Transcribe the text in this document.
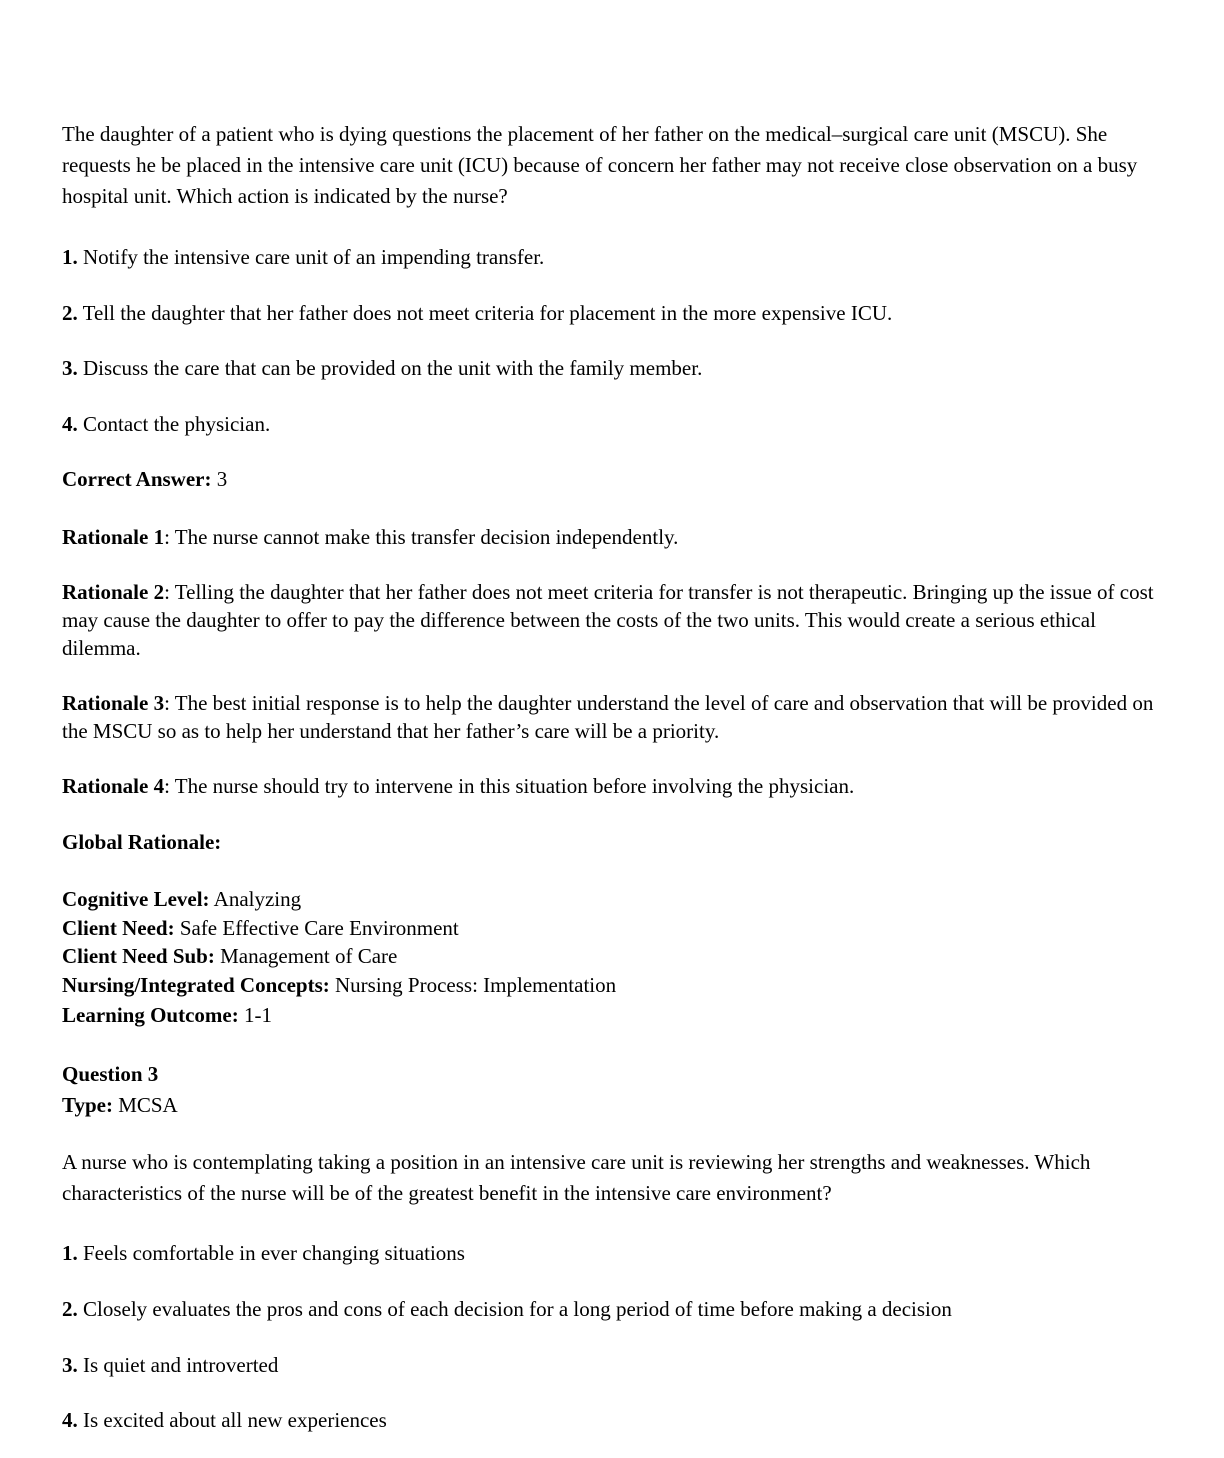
The daughter of a patient who is dying questions the placement of her father on the medical–surgical care unit (MSCU). She requests he be placed in the intensive care unit (ICU) because of concern her father may not receive close observation on a busy hospital unit. Which action is indicated by the nurse?
1. Notify the intensive care unit of an impending transfer.
2. Tell the daughter that her father does not meet criteria for placement in the more expensive ICU.
3. Discuss the care that can be provided on the unit with the family member.
4. Contact the physician.
Correct Answer: 3
Rationale 1: The nurse cannot make this transfer decision independently.
Rationale 2: Telling the daughter that her father does not meet criteria for transfer is not therapeutic. Bringing up the issue of cost may cause the daughter to offer to pay the difference between the costs of the two units. This would create a serious ethical dilemma.
Rationale 3: The best initial response is to help the daughter understand the level of care and observation that will be provided on the MSCU so as to help her understand that her father’s care will be a priority.
Rationale 4: The nurse should try to intervene in this situation before involving the physician.
Global Rationale:
Cognitive Level: Analyzing
Client Need: Safe Effective Care Environment
Client Need Sub: Management of Care
Nursing/Integrated Concepts: Nursing Process: Implementation
Learning Outcome: 1-1
Question 3
Type: MCSA
A nurse who is contemplating taking a position in an intensive care unit is reviewing her strengths and weaknesses. Which characteristics of the nurse will be of the greatest benefit in the intensive care environment?
1. Feels comfortable in ever changing situations
2. Closely evaluates the pros and cons of each decision for a long period of time before making a decision
3. Is quiet and introverted
4. Is excited about all new experiences
